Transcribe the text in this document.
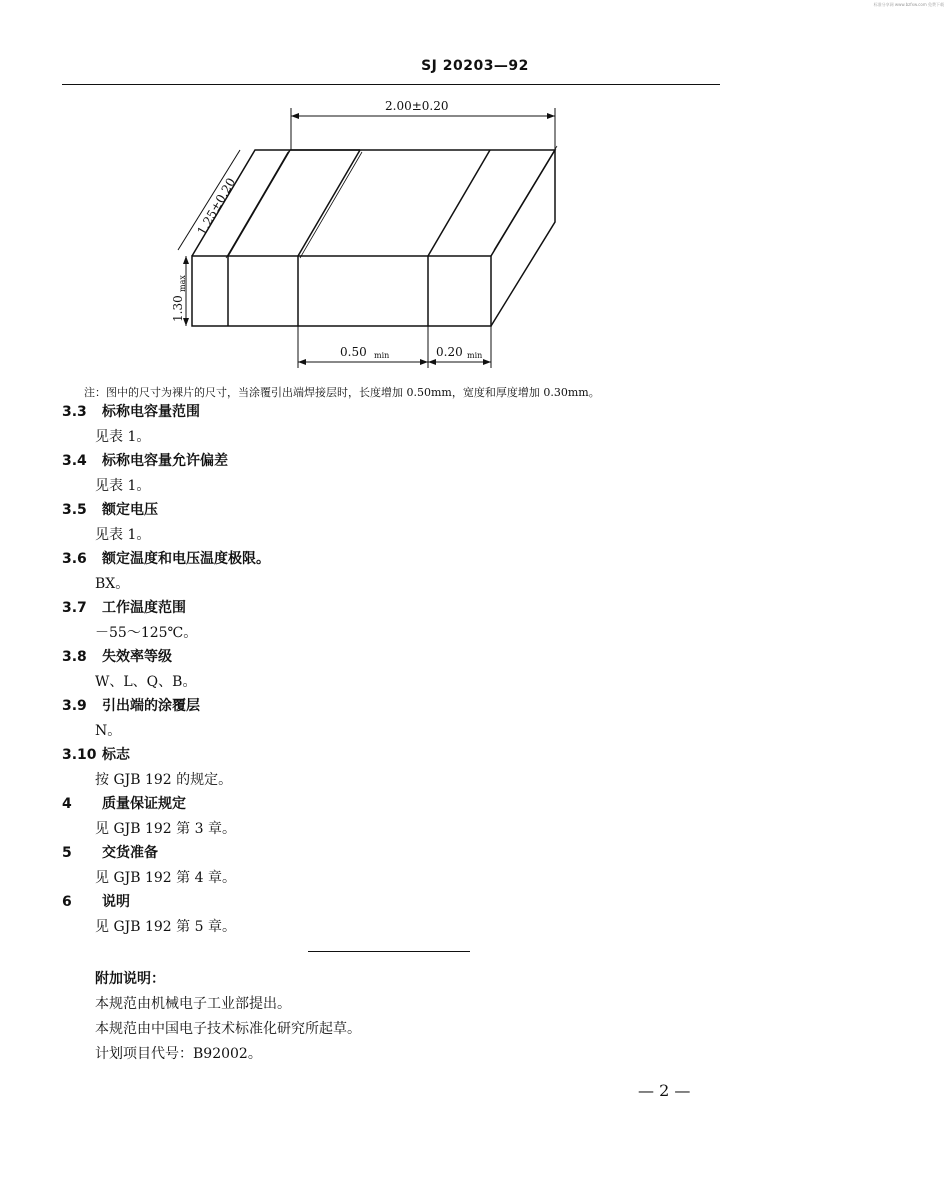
标准分享网 www.bzfxw.com 免费下载
SJ 20203—92
2.00±0.20
1.25±0.20
1.30
max
0.50 min	0.20 min
注：图中的尺寸为裸片的尺寸，当涂覆引出端焊接层时，长度增加 0.50mm，宽度和厚度增加 0.30mm。
3.3 标称电容量范围
见表 1。
3.4 标称电容量允许偏差
见表 1。
3.5 额定电压
见表 1。
3.6 额定温度和电压温度极限。
BX。
3.7 工作温度范围
－55～125℃。
3.8 失效率等级
W、L、Q、B。
3.9 引出端的涂覆层
N。
3.10 标志
按 GJB 192 的规定。
4 质量保证规定
见 GJB 192 第 3 章。
5 交货准备
见 GJB 192 第 4 章。
6 说明
见 GJB 192 第 5 章。
附加说明：
本规范由机械电子工业部提出。
本规范由中国电子技术标准化研究所起草。
计划项目代号：B92002。
— 2 —
